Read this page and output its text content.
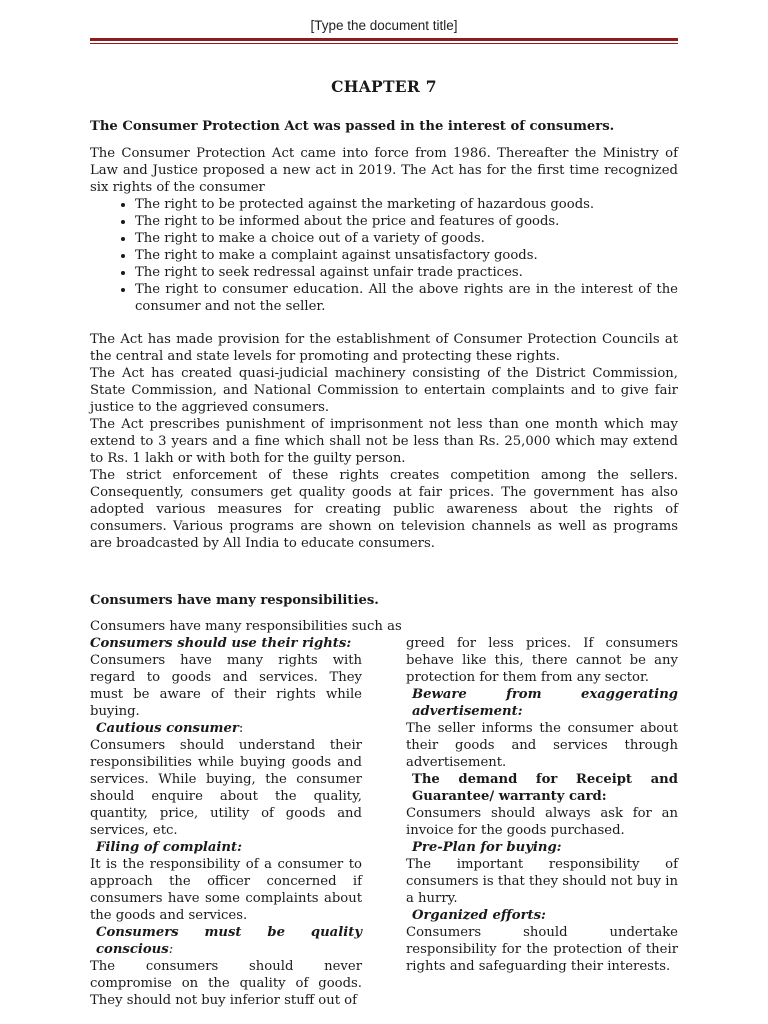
[Type the document title]
CHAPTER 7

The Consumer Protection Act was passed in the interest of consumers.

The Consumer Protection Act came into force from 1986. Thereafter the Ministry of Law and Justice proposed a new act in 2019. The Act has for the first time recognized six rights of the consumer

• The right to be protected against the marketing of hazardous goods.
• The right to be informed about the price and features of goods.
• The right to make a choice out of a variety of goods.
• The right to make a complaint against unsatisfactory goods.
• The right to seek redressal against unfair trade practices.
• The right to consumer education. All the above rights are in the interest of the consumer and not the seller.

The Act has made provision for the establishment of Consumer Protection Councils at the central and state levels for promoting and protecting these rights.

The Act has created quasi-judicial machinery consisting of the District Commission, State Commission, and National Commission to entertain complaints and to give fair justice to the aggrieved consumers.

The Act prescribes punishment of imprisonment not less than one month which may extend to 3 years and a fine which shall not be less than Rs. 25,000 which may extend to Rs. 1 lakh or with both for the guilty person.

The strict enforcement of these rights creates competition among the sellers. Consequently, consumers get quality goods at fair prices. The government has also adopted various measures for creating public awareness about the rights of consumers. Various programs are shown on television channels as well as programs are broadcasted by All India to educate consumers.

Consumers have many responsibilities.

Consumers have many responsibilities such as

Consumers should use their rights:

Consumers have many rights with regard to goods and services. They must be aware of their rights while buying.

Cautious consumer:

Consumers should understand their responsibilities while buying goods and services. While buying, the consumer should enquire about the quality, quantity, price, utility of goods and services, etc.

Filing of complaint:

It is the responsibility of a consumer to approach the officer concerned if consumers have some complaints about the goods and services.

Consumers must be quality conscious:

The consumers should never compromise on the quality of goods. They should not buy inferior stuff out of

greed for less prices. If consumers behave like this, there cannot be any protection for them from any sector.

Beware from exaggerating advertisement:

The seller informs the consumer about their goods and services through advertisement.

The demand for Receipt and Guarantee/ warranty card:

Consumers should always ask for an invoice for the goods purchased.

Pre-Plan for buying:

The important responsibility of consumers is that they should not buy in a hurry.

Organized efforts:

Consumers should undertake responsibility for the protection of their rights and safeguarding their interests.
